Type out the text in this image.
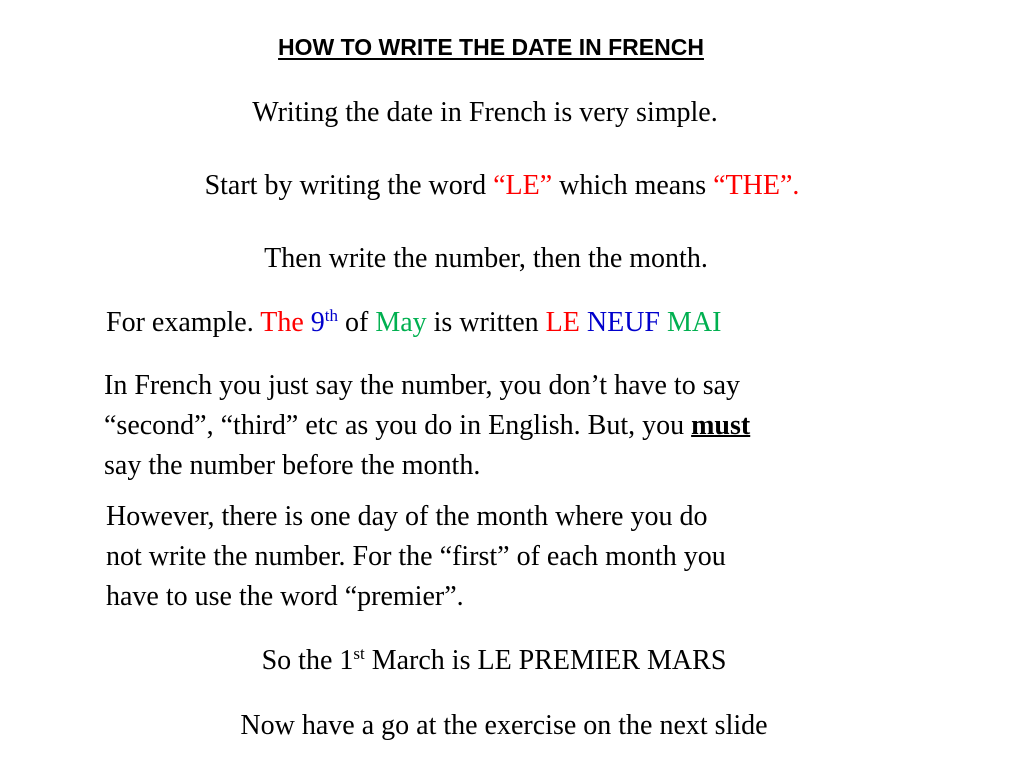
HOW TO WRITE THE DATE IN FRENCH
Writing the date in French is very simple.
Start by writing the word “LE” which means “THE”.
Then write the number, then the month.
For example. The 9th of May is written LE NEUF MAI
In French you just say the number, you don’t have to say
“second”, “third” etc as you do in English. But, you must
say the number before the month.
However, there is one day of the month where you do
not write the number. For the “first” of each month you
have to use the word “premier”.
So the 1st March is LE PREMIER MARS
Now have a go at the exercise on the next slide
